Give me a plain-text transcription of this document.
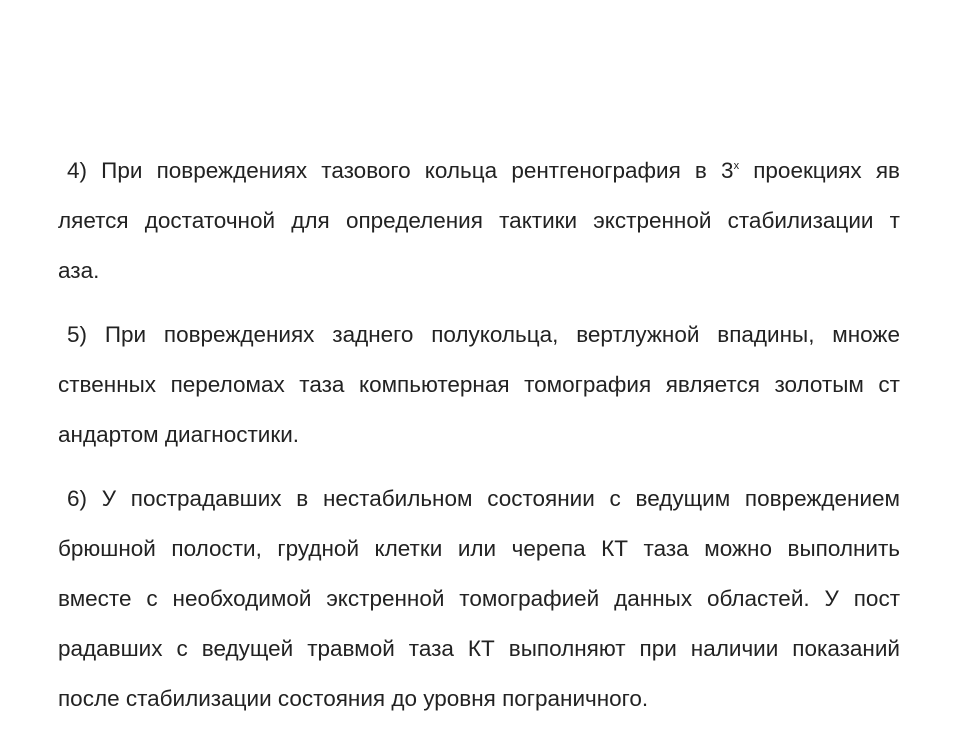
4) При повреждениях тазового кольца рентгенография в $3^х$ проекциях яв
ляется достаточной для определения тактики экстренной стабилизации т
аза.
5) При повреждениях заднего полукольца, вертлужной впадины, множе
ственных переломах таза компьютерная томография является золотым ст
андартом диагностики.
6) У пострадавших в нестабильном состоянии с ведущим повреждением
брюшной полости, грудной клетки или черепа КТ таза можно выполнить
вместе с необходимой экстренной томографией данных областей. У пост
радавших с ведущей травмой таза КТ выполняют при наличии показаний
после стабилизации состояния до уровня пограничного.
